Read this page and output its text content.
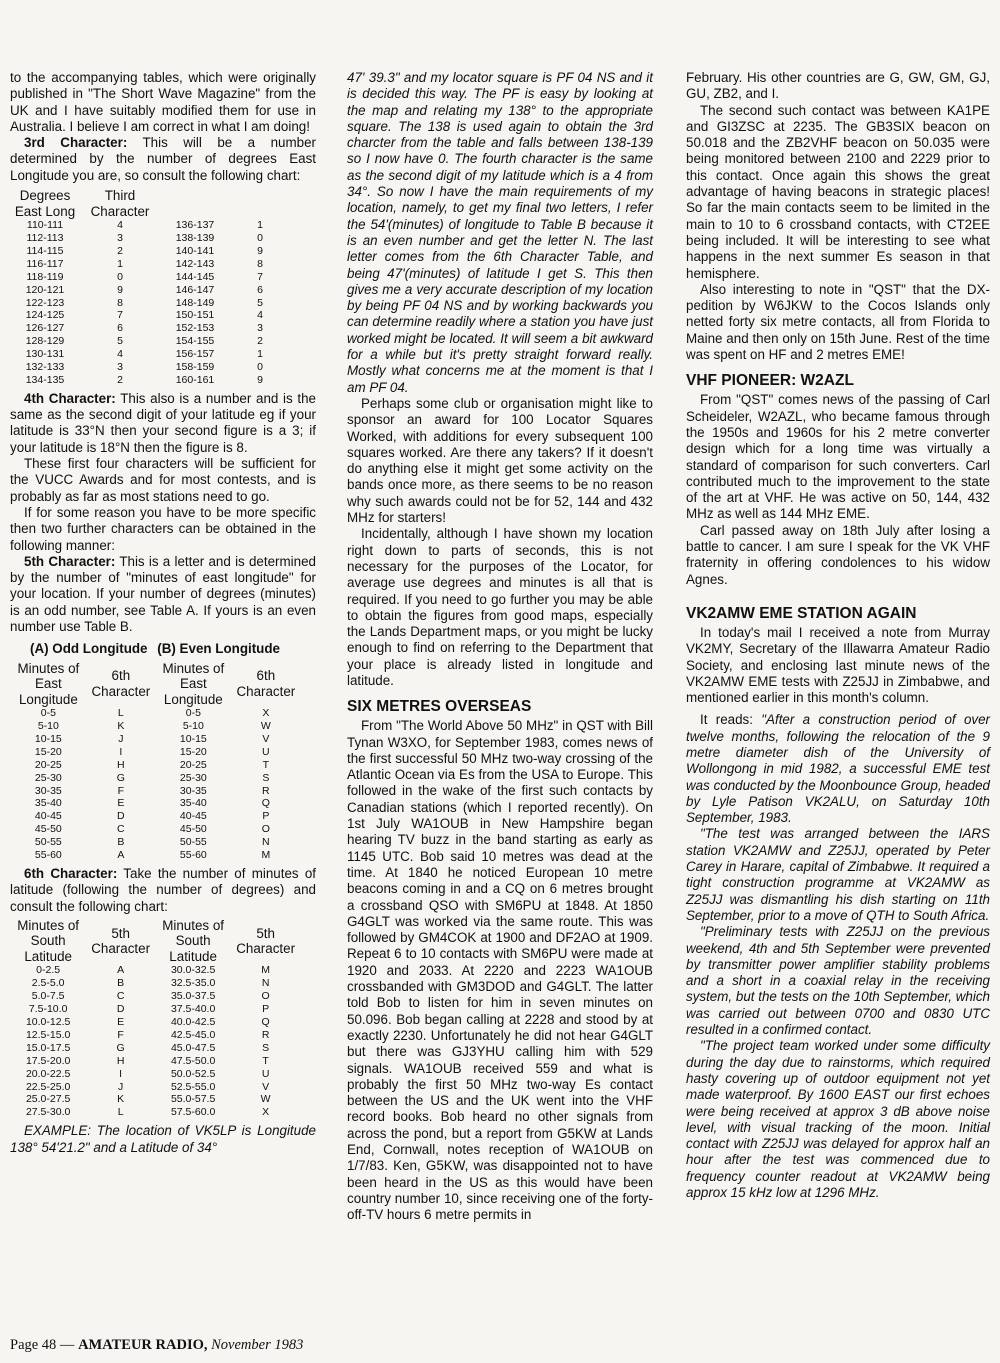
to the accompanying tables, which were originally published in "The Short Wave Magazine" from the UK and I have suitably modified them for use in Australia. I believe I am correct in what I am doing!

3rd Character: This will be a number determined by the number of degrees East Longitude you are, so consult the following chart:

Degrees East Long	Third Character		
110-111	4	136-137	1
112-113	3	138-139	0
114-115	2	140-141	9
116-117	1	142-143	8
118-119	0	144-145	7
120-121	9	146-147	6
122-123	8	148-149	5
124-125	7	150-151	4
126-127	6	152-153	3
128-129	5	154-155	2
130-131	4	156-157	1
132-133	3	158-159	0
134-135	2	160-161	9

4th Character: This also is a number and is the same as the second digit of your latitude eg if your latitude is 33°N then your second figure is a 3; if your latitude is 18°N then the figure is 8.

These first four characters will be sufficient for the VUCC Awards and for most contests, and is probably as far as most stations need to go.

If for some reason you have to be more specific then two further characters can be obtained in the following manner:

5th Character: This is a letter and is determined by the number of "minutes of east longitude" for your location. If your number of degrees (minutes) is an odd number, see Table A. If yours is an even number use Table B.

(A) Odd Longitude (B) Even Longitude
Minutes of East Longitude	6th Character	Minutes of East Longitude	6th Character
0-5	L	0-5	X
5-10	K	5-10	W
10-15	J	10-15	V
15-20	I	15-20	U
20-25	H	20-25	T
25-30	G	25-30	S
30-35	F	30-35	R
35-40	E	35-40	Q
40-45	D	40-45	P
45-50	C	45-50	O
50-55	B	50-55	N
55-60	A	55-60	M

6th Character: Take the number of minutes of latitude (following the number of degrees) and consult the following chart:

Minutes of South Latitude	5th Character	Minutes of South Latitude	5th Character
0-2.5	A	30.0-32.5	M
2.5-5.0	B	32.5-35.0	N
5.0-7.5	C	35.0-37.5	O
7.5-10.0	D	37.5-40.0	P
10.0-12.5	E	40.0-42.5	Q
12.5-15.0	F	42.5-45.0	R
15.0-17.5	G	45.0-47.5	S
17.5-20.0	H	47.5-50.0	T
20.0-22.5	I	50.0-52.5	U
22.5-25.0	J	52.5-55.0	V
25.0-27.5	K	55.0-57.5	W
27.5-30.0	L	57.5-60.0	X

EXAMPLE: The location of VK5LP is Longitude 138° 54'21.2" and a Latitude of 34°

47' 39.3" and my locator square is PF 04 NS and it is decided this way. The PF is easy by looking at the map and relating my 138° to the appropriate square. The 138 is used again to obtain the 3rd charcter from the table and falls between 138-139 so I now have 0. The fourth character is the same as the second digit of my latitude which is a 4 from 34°. So now I have the main requirements of my location, namely, to get my final two letters, I refer the 54'(minutes) of longitude to Table B because it is an even number and get the letter N. The last letter comes from the 6th Character Table, and being 47'(minutes) of latitude I get S. This then gives me a very accurate description of my location by being PF 04 NS and by working backwards you can determine readily where a station you have just worked might be located. It will seem a bit awkward for a while but it's pretty straight forward really. Mostly what concerns me at the moment is that I am PF 04.

Perhaps some club or organisation might like to sponsor an award for 100 Locator Squares Worked, with additions for every subsequent 100 squares worked. Are there any takers? If it doesn't do anything else it might get some activity on the bands once more, as there seems to be no reason why such awards could not be for 52, 144 and 432 MHz for starters!

Incidentally, although I have shown my location right down to parts of seconds, this is not necessary for the purposes of the Locator, for average use degrees and minutes is all that is required. If you need to go further you may be able to obtain the figures from good maps, especially the Lands Department maps, or you might be lucky enough to find on referring to the Department that your place is already listed in longitude and latitude.

SIX METRES OVERSEAS

From "The World Above 50 MHz" in QST with Bill Tynan W3XO, for September 1983, comes news of the first successful 50 MHz two-way crossing of the Atlantic Ocean via Es from the USA to Europe. This followed in the wake of the first such contacts by Canadian stations (which I reported recently). On 1st July WA1OUB in New Hampshire began hearing TV buzz in the band starting as early as 1145 UTC. Bob said 10 metres was dead at the time. At 1840 he noticed European 10 metre beacons coming in and a CQ on 6 metres brought a crossband QSO with SM6PU at 1848. At 1850 G4GLT was worked via the same route. This was followed by GM4COK at 1900 and DF2AO at 1909. Repeat 6 to 10 contacts with SM6PU were made at 1920 and 2033. At 2220 and 2223 WA1OUB crossbanded with GM3DOD and G4GLT. The latter told Bob to listen for him in seven minutes on 50.096. Bob began calling at 2228 and stood by at exactly 2230. Unfortunately he did not hear G4GLT but there was GJ3YHU calling him with 529 signals. WA1OUB received 559 and what is probably the first 50 MHz two-way Es contact between the US and the UK went into the VHF record books. Bob heard no other signals from across the pond, but a report from G5KW at Lands End, Cornwall, notes reception of WA1OUB on 1/7/83. Ken, G5KW, was disappointed not to have been heard in the US as this would have been country number 10, since receiving one of the forty-off-TV hours 6 metre permits in

February. His other countries are G, GW, GM, GJ, GU, ZB2, and I.

The second such contact was between KA1PE and GI3ZSC at 2235. The GB3SIX beacon on 50.018 and the ZB2VHF beacon on 50.035 were being monitored between 2100 and 2229 prior to this contact. Once again this shows the great advantage of having beacons in strategic places! So far the main contacts seem to be limited in the main to 10 to 6 crossband contacts, with CT2EE being included. It will be interesting to see what happens in the next summer Es season in that hemisphere.

Also interesting to note in "QST" that the DX-pedition by W6JKW to the Cocos Islands only netted forty six metre contacts, all from Florida to Maine and then only on 15th June. Rest of the time was spent on HF and 2 metres EME!

VHF PIONEER: W2AZL

From "QST" comes news of the passing of Carl Scheideler, W2AZL, who became famous through the 1950s and 1960s for his 2 metre converter design which for a long time was virtually a standard of comparison for such converters. Carl contributed much to the improvement to the state of the art at VHF. He was active on 50, 144, 432 MHz as well as 144 MHz EME.

Carl passed away on 18th July after losing a battle to cancer. I am sure I speak for the VK VHF fraternity in offering condolences to his widow Agnes.

VK2AMW EME STATION AGAIN

In today's mail I received a note from Murray VK2MY, Secretary of the Illawarra Amateur Radio Society, and enclosing last minute news of the VK2AMW EME tests with Z25JJ in Zimbabwe, and mentioned earlier in this month's column.

It reads: "After a construction period of over twelve months, following the relocation of the 9 metre diameter dish of the University of Wollongong in mid 1982, a successful EME test was conducted by the Moonbounce Group, headed by Lyle Patison VK2ALU, on Saturday 10th September, 1983.

"The test was arranged between the IARS station VK2AMW and Z25JJ, operated by Peter Carey in Harare, capital of Zimbabwe. It required a tight construction programme at VK2AMW as Z25JJ was dismantling his dish starting on 11th September, prior to a move of QTH to South Africa.

"Preliminary tests with Z25JJ on the previous weekend, 4th and 5th September were prevented by transmitter power amplifier stability problems and a short in a coaxial relay in the receiving system, but the tests on the 10th September, which was carried out between 0700 and 0830 UTC resulted in a confirmed contact.

"The project team worked under some difficulty during the day due to rainstorms, which required hasty covering up of outdoor equipment not yet made waterproof. By 1600 EAST our first echoes were being received at approx 3 dB above noise level, with visual tracking of the moon. Initial contact with Z25JJ was delayed for approx half an hour after the test was commenced due to frequency counter readout at VK2AMW being approx 15 kHz low at 1296 MHz.

Page 48 — AMATEUR RADIO, November 1983
